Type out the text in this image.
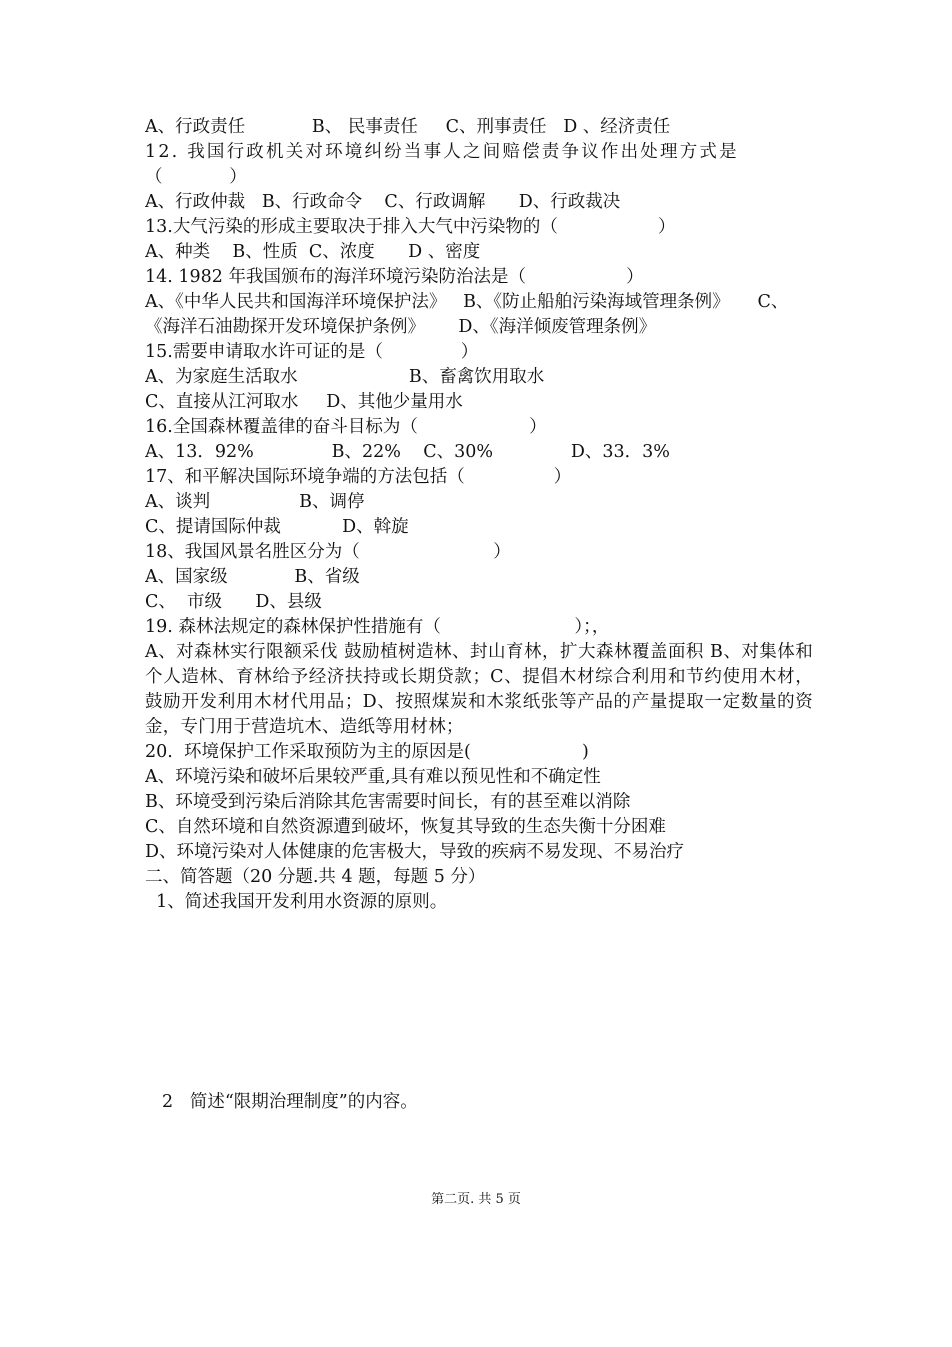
A、行政责任            B、 民事责任     C、刑事责任   D 、经济责任
12. 我国行政机关对环境纠纷当事人之间赔偿责争议作出处理方式是
（            ）
A、行政仲裁   B、行政命令    C、行政调解      D、行政裁决
13.大气污染的形成主要取决于排入大气中污染物的（                  ）
A、种类    B、性质  C、浓度      D 、密度
14. 1982 年我国颁布的海洋环境污染防治法是（                  ）
A、《中华人民共和国海洋环境保护法》   B、《防止船舶污染海域管理条例》     C、
《海洋石油勘探开发环境保护条例》      D、《海洋倾废管理条例》
15.需要申请取水许可证的是（              ）
A、为家庭生活取水                    B、畜禽饮用取水
C、直接从江河取水     D、其他少量用水
16.全国森林覆盖律的奋斗目标为（                    ）
A、13．92%              B、22%    C、30%              D、33．3%
17、和平解决国际环境争端的方法包括（                ）
A、谈判                B、调停
C、提请国际仲裁           D、斡旋
18、我国风景名胜区分为（                        ）
A、国家级            B、省级
C、  市级      D、县级
19. 森林法规定的森林保护性措施有（                        ）；，
A、对森林实行限额采伐 鼓励植树造林、封山育林，扩大森林覆盖面积 B、对集体和个人造林、育林给予经济扶持或长期贷款；C、提倡木材综合利用和节约使用木材，鼓励开发利用木材代用品；D、按照煤炭和木浆纸张等产品的产量提取一定数量的资金，专门用于营造坑木、造纸等用材林；
20.  环境保护工作采取预防为主的原因是(                    )
A、环境污染和破坏后果较严重,具有难以预见性和不确定性
B、环境受到污染后消除其危害需要时间长，有的甚至难以消除
C、自然环境和自然资源遭到破坏，恢复其导致的生态失衡十分困难
D、环境污染对人体健康的危害极大，导致的疾病不易发现、不易治疗
二、简答题（20 分题.共 4 题，每题 5 分）
1、简述我国开发利用水资源的原则。
2   简述“限期治理制度”的内容。
第二页. 共 5 页
